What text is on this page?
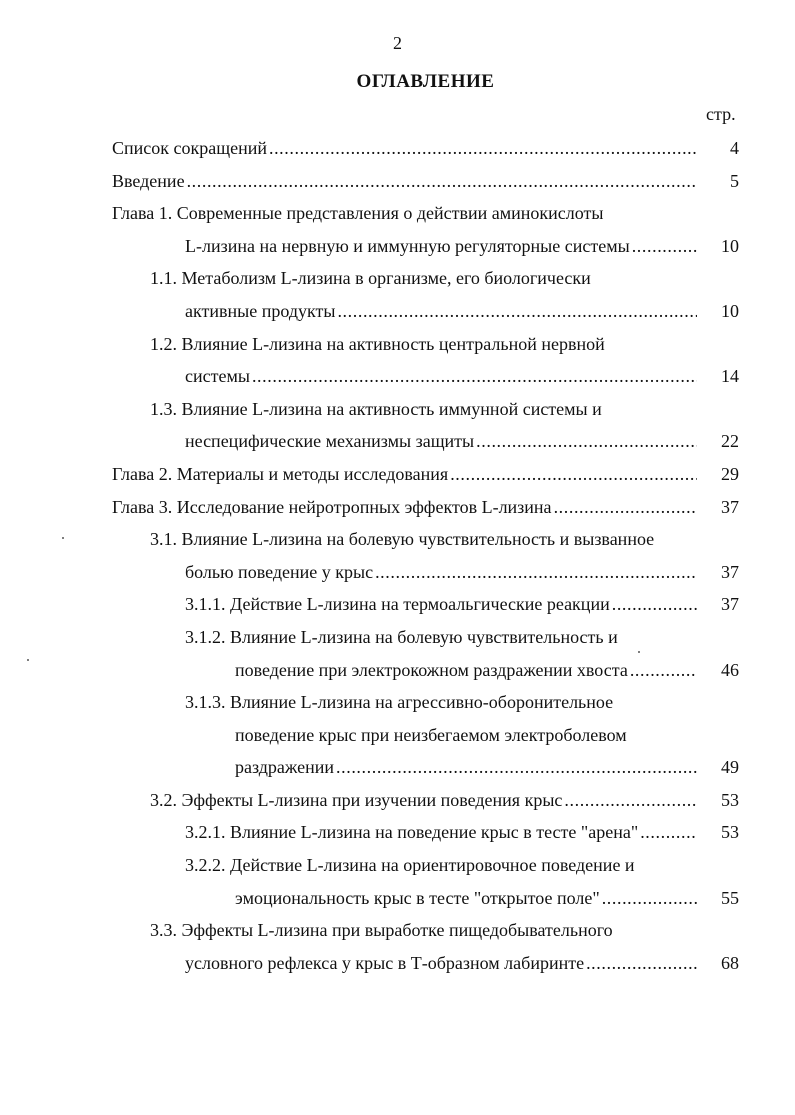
2
ОГЛАВЛЕНИЕ
стр.
Список сокращений .....	4
Введение .....	5
Глава 1. Современные представления о действии аминокислоты
L-лизина на нервную и иммунную регуляторные системы .....	10
1.1. Метаболизм L-лизина в организме, его биологически
активные продукты .....	10
1.2. Влияние L-лизина на активность центральной нервной
системы .....	14
1.3. Влияние L-лизина на активность иммунной системы и
неспецифические механизмы защиты .....	22
Глава 2. Материалы и методы исследования .....	29
Глава 3. Исследование нейротропных эффектов L-лизина .....	37
3.1. Влияние L-лизина на болевую чувствительность и вызванное
болью поведение у крыс .....	37
3.1.1. Действие L-лизина на термоальгические реакции .....	37
3.1.2. Влияние L-лизина на болевую чувствительность и
поведение при электрокожном раздражении хвоста .....	46
3.1.3. Влияние L-лизина на агрессивно-оборонительное
поведение крыс при неизбегаемом электроболевом
раздражении .....	49
3.2. Эффекты L-лизина при изучении поведения крыс .....	53
3.2.1. Влияние L-лизина на поведение крыс в тесте "арена" .....	53
3.2.2. Действие L-лизина на ориентировочное поведение и
эмоциональность крыс в тесте "открытое поле" .....	55
3.3. Эффекты L-лизина при выработке пищедобывательного
условного рефлекса у крыс в Т-образном лабиринте .....	68
